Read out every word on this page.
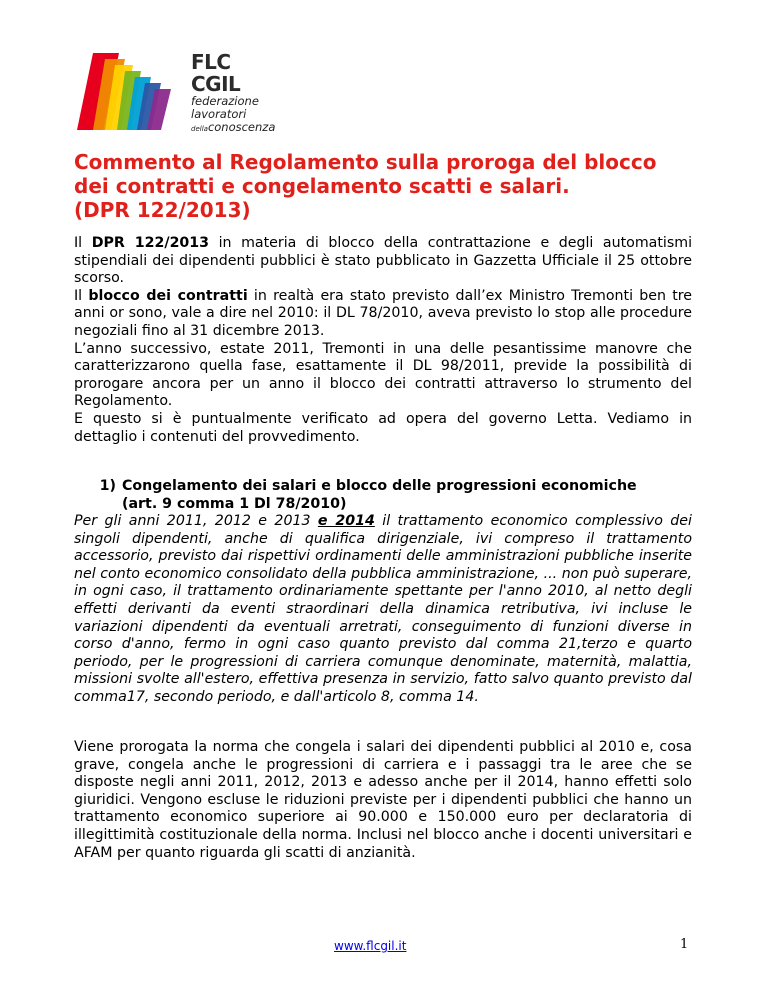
FLC CGIL
federazione
lavoratori
dellaconoscenza
Commento al Regolamento sulla proroga del blocco
dei contratti e congelamento scatti e salari.
(DPR 122/2013)

Il DPR 122/2013 in materia di blocco della contrattazione e degli automatismi stipendiali dei dipendenti pubblici è stato pubblicato in Gazzetta Ufficiale il 25 ottobre scorso.

Il blocco dei contratti in realtà era stato previsto dall’ex Ministro Tremonti ben tre anni or sono, vale a dire nel 2010: il DL 78/2010, aveva previsto lo stop alle procedure negoziali fino al 31 dicembre 2013.

L’anno successivo, estate 2011, Tremonti in una delle pesantissime manovre che caratterizzarono quella fase, esattamente il DL 98/2011, previde la possibilità di prorogare ancora per un anno il blocco dei contratti attraverso lo strumento del Regolamento.

E questo si è puntualmente verificato ad opera del governo Letta. Vediamo in dettaglio i contenuti del provvedimento.

1) Congelamento dei salari e blocco delle progressioni economiche
(art. 9 comma 1 Dl 78/2010)

Per gli anni 2011, 2012 e 2013 e 2014 il trattamento economico complessivo dei singoli dipendenti, anche di qualifica dirigenziale, ivi compreso il trattamento accessorio, previsto dai rispettivi ordinamenti delle amministrazioni pubbliche inserite nel conto economico consolidato della pubblica amministrazione, ... non può superare, in ogni caso, il trattamento ordinariamente spettante per l'anno 2010, al netto degli effetti derivanti da eventi straordinari della dinamica retributiva, ivi incluse le variazioni dipendenti da eventuali arretrati, conseguimento di funzioni diverse in corso d'anno, fermo in ogni caso quanto previsto dal comma 21,terzo e quarto periodo, per le progressioni di carriera comunque denominate, maternità, malattia, missioni svolte all'estero, effettiva presenza in servizio, fatto salvo quanto previsto dal comma17, secondo periodo, e dall'articolo 8, comma 14.

Viene prorogata la norma che congela i salari dei dipendenti pubblici al 2010 e, cosa grave, congela anche le progressioni di carriera e i passaggi tra le aree che se disposte negli anni 2011, 2012, 2013 e adesso anche per il 2014, hanno effetti solo giuridici. Vengono escluse le riduzioni previste per i dipendenti pubblici che hanno un trattamento economico superiore ai 90.000 e 150.000 euro per declaratoria di illegittimità costituzionale della norma. Inclusi nel blocco anche i docenti universitari e AFAM per quanto riguarda gli scatti di anzianità.

www.flcgil.it	1
